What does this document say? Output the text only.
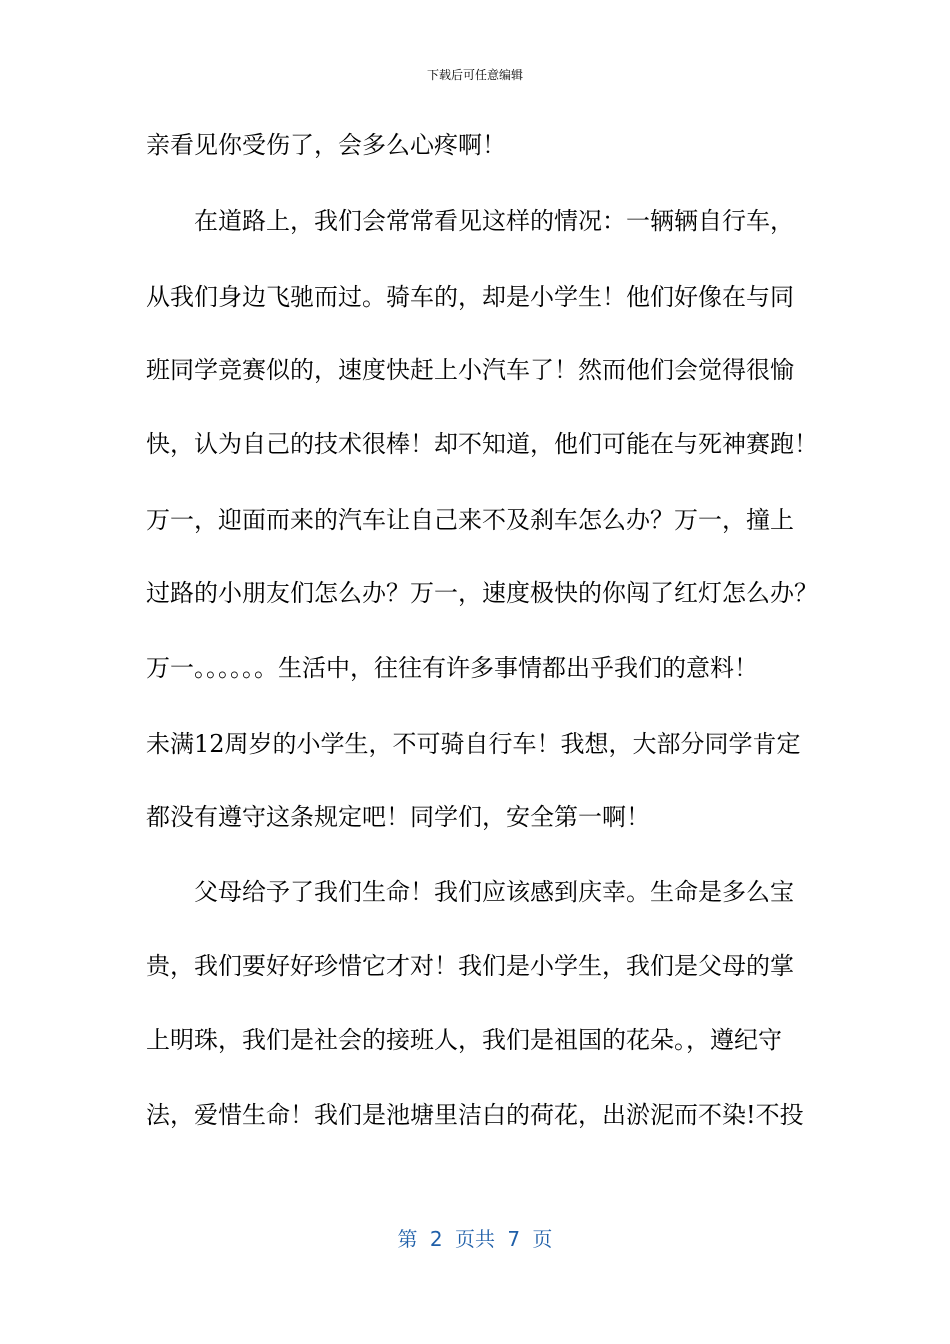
下载后可任意编辑
亲看见你受伤了，会多么心疼啊！
在道路上，我们会常常看见这样的情况：一辆辆自行车，
从我们身边飞驰而过。骑车的，却是小学生！他们好像在与同
班同学竞赛似的，速度快赶上小汽车了！然而他们会觉得很愉
快，认为自己的技术很棒！却不知道，他们可能在与死神赛跑！
万一，迎面而来的汽车让自己来不及刹车怎么办？万一，撞上
过路的小朋友们怎么办？万一，速度极快的你闯了红灯怎么办？
万一。。。。。。生活中，往往有许多事情都出乎我们的意料！
未满12周岁的小学生，不可骑自行车！我想，大部分同学肯定
都没有遵守这条规定吧！同学们，安全第一啊！
父母给予了我们生命！我们应该感到庆幸。生命是多么宝
贵，我们要好好珍惜它才对！我们是小学生，我们是父母的掌
上明珠，我们是社会的接班人，我们是祖国的花朵。，遵纪守
法，爱惜生命！我们是池塘里洁白的荷花，出淤泥而不染!不投
第 2 页共 7 页
